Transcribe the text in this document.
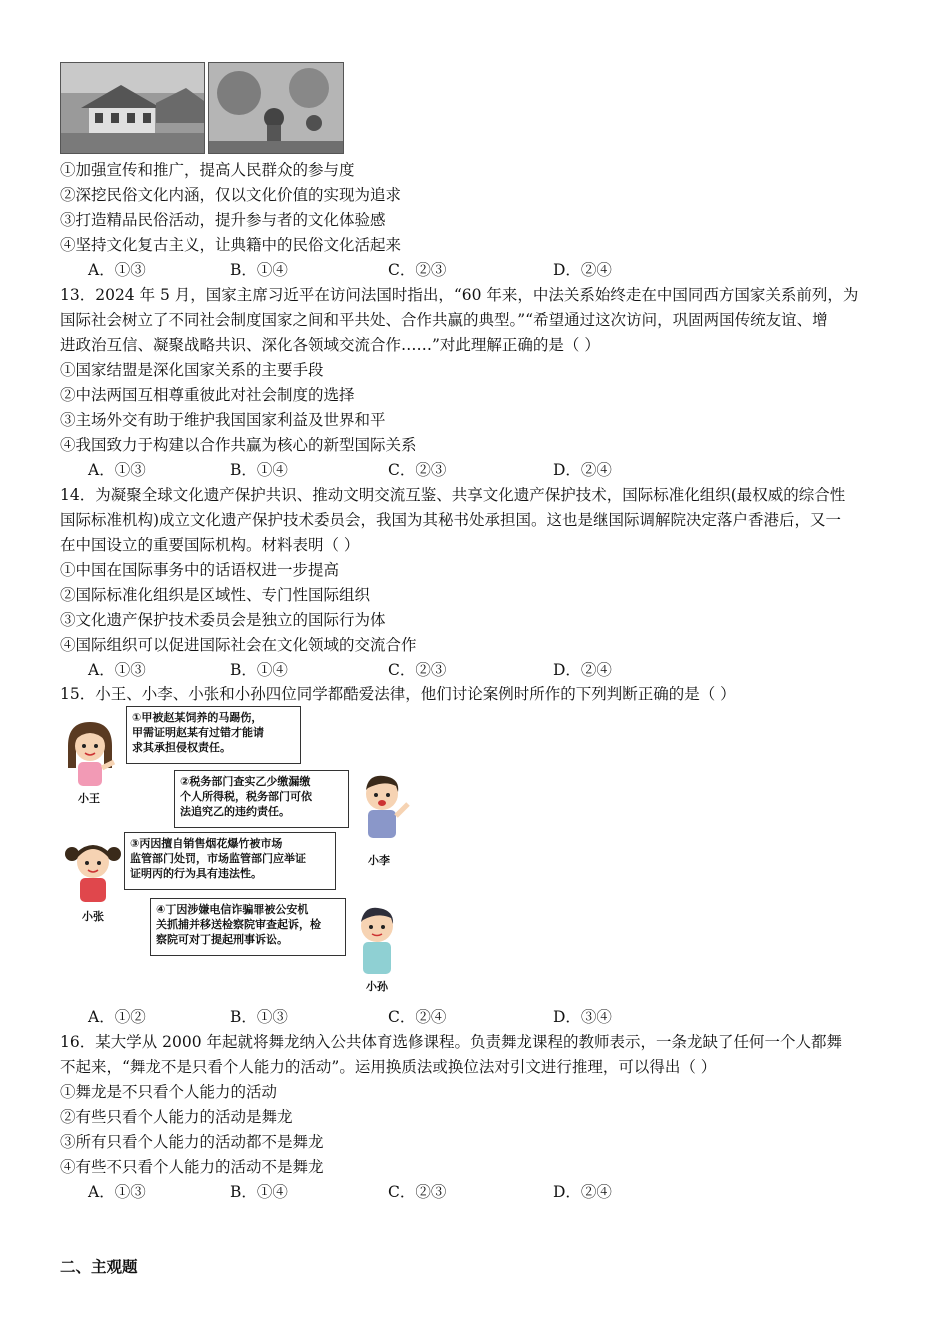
①加强宣传和推广，提高人民群众的参与度
②深挖民俗文化内涵，仅以文化价值的实现为追求
③打造精品民俗活动，提升参与者的文化体验感
④坚持文化复古主义，让典籍中的民俗文化活起来
A．①③	B．①④	C．②③	D．②④
13．2024 年 5 月，国家主席习近平在访问法国时指出，“60 年来，中法关系始终走在中国同西方国家关系前列，为
国际社会树立了不同社会制度国家之间和平共处、合作共赢的典型。”“希望通过这次访问，巩固两国传统友谊、增
进政治互信、凝聚战略共识、深化各领域交流合作……”对此理解正确的是（ ）
①国家结盟是深化国家关系的主要手段
②中法两国互相尊重彼此对社会制度的选择
③主场外交有助于维护我国国家利益及世界和平
④我国致力于构建以合作共赢为核心的新型国际关系
A．①③	B．①④	C．②③	D．②④
14．为凝聚全球文化遗产保护共识、推动文明交流互鉴、共享文化遗产保护技术，国际标准化组织(最权威的综合性
国际标准机构)成立文化遗产保护技术委员会，我国为其秘书处承担国。这也是继国际调解院决定落户香港后，又一
在中国设立的重要国际机构。材料表明（ ）
①中国在国际事务中的话语权进一步提高
②国际标准化组织是区域性、专门性国际组织
③文化遗产保护技术委员会是独立的国际行为体
④国际组织可以促进国际社会在文化领域的交流合作
A．①③	B．①④	C．②③	D．②④
15．小王、小李、小张和小孙四位同学都酷爱法律，他们讨论案例时所作的下列判断正确的是（ ）
小王
①甲被赵某饲养的马踢伤，
甲需证明赵某有过错才能请
求其承担侵权责任。
②税务部门查实乙少缴漏缴
个人所得税，税务部门可依
法追究乙的违约责任。
小李
小张
③丙因擅自销售烟花爆竹被市场
监管部门处罚，市场监管部门应举证
证明丙的行为具有违法性。
④丁因涉嫌电信诈骗罪被公安机
关抓捕并移送检察院审查起诉，检
察院可对丁提起刑事诉讼。
小孙
A．①②	B．①③	C．②④	D．③④
16．某大学从 2000 年起就将舞龙纳入公共体育选修课程。负责舞龙课程的教师表示，一条龙缺了任何一个人都舞
不起来，“舞龙不是只看个人能力的活动”。运用换质法或换位法对引文进行推理，可以得出（ ）
①舞龙是不只看个人能力的活动
②有些只看个人能力的活动是舞龙
③所有只看个人能力的活动都不是舞龙
④有些不只看个人能力的活动不是舞龙
A．①③	B．①④	C．②③	D．②④
二、主观题
